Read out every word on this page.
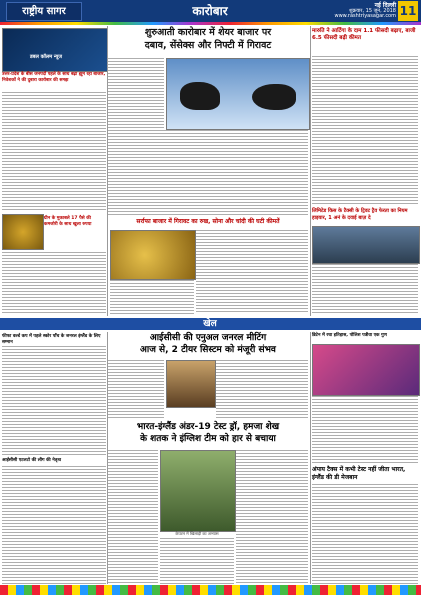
राष्ट्रीय सागर	कारोबार	नई दिल्ली
शुक्रवार, 15 जून, 2018
www.rashtriyasagar.com 11
उत्तर-प्रदेश के बीस जनपदों पहले के साथ बढ़ा झूम रहा बाजार, निवेशकों ने की दुबारा कारोबार की समझ
डबल कॉलम न्यूज
ग्रीन के मुकाबले 17 पैसे की कमजोरी के साथ खुला रुपया
शुरुआती कारोबार में शेयर बाजार पर
दबाव, सेंसेक्स और निफ्टी में गिरावट
सर्राफा बाजार में गिरावट का रुख, सोना और चांदी की घटी कीमतें
मारुति ने आर्टिगा के दाम 1.1 फीसदी बढ़ाए, बाजी 6.5 फीसदी बढ़ी कीमत
लिमिटेड किस के टैक्सी के ट्रिवट ट्रैव फेरता का नियम हाइयार, 1 अनं के दवाई बाज़ दे
खेल
फीफा वर्ल्ड कप में पहले स्कोर पाँच के जनरल इंग्लैंड के लिए सम्मान
आईसीसी एटलटो की लीग की नेतृत्व
आईसीसी की एनुअल जनरल मीटिंग
आज से, 2 टीयर सिस्टम को मंजूरी संभव
भारत-इंग्लैंड अंडर-19 टेस्ट ड्रॉ, हमजा शेख
के शतक ने इंग्लिश टीम को हार से बचाया
केपटन में खिलाड़ी का अभ्यास
ब्रिटेन में रचा इतिहास, पोलिश पत्रीवा एक गुण
अंपाय टैक्स में कभी टेस्ट नहीं जीता भारत, इंग्लैंड की डी मेजबान
